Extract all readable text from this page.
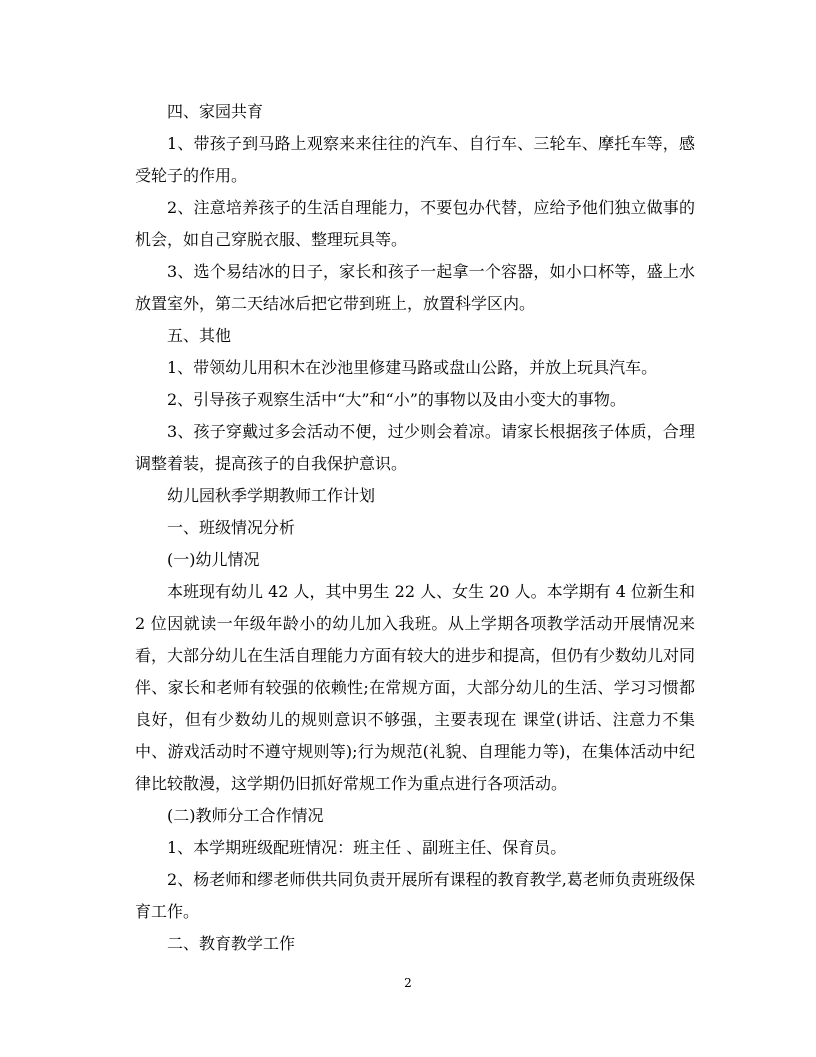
四、家园共育

1、带孩子到马路上观察来来往往的汽车、自行车、三轮车、摩托车等，感受轮子的作用。

2、注意培养孩子的生活自理能力，不要包办代替，应给予他们独立做事的机会，如自己穿脱衣服、整理玩具等。

3、选个易结冰的日子，家长和孩子一起拿一个容器，如小口杯等，盛上水放置室外，第二天结冰后把它带到班上，放置科学区内。

五、其他

1、带领幼儿用积木在沙池里修建马路或盘山公路，并放上玩具汽车。

2、引导孩子观察生活中“大”和“小”的事物以及由小变大的事物。

3、孩子穿戴过多会活动不便，过少则会着凉。请家长根据孩子体质，合理调整着装，提高孩子的自我保护意识。

幼儿园秋季学期教师工作计划

一、班级情况分析

(一)幼儿情况

本班现有幼儿 42 人，其中男生 22 人、女生 20 人。本学期有 4 位新生和 2 位因就读一年级年龄小的幼儿加入我班。从上学期各项教学活动开展情况来看，大部分幼儿在生活自理能力方面有较大的进步和提高，但仍有少数幼儿对同伴、家长和老师有较强的依赖性;在常规方面，大部分幼儿的生活、学习习惯都良好，但有少数幼儿的规则意识不够强，主要表现在 课堂(讲话、注意力不集中、游戏活动时不遵守规则等);行为规范(礼貌、自理能力等)，在集体活动中纪律比较散漫，这学期仍旧抓好常规工作为重点进行各项活动。

(二)教师分工合作情况

1、本学期班级配班情况：班主任 、副班主任、保育员。

2、杨老师和缪老师供共同负责开展所有课程的教育教学,葛老师负责班级保育工作。

二、教育教学工作

2
